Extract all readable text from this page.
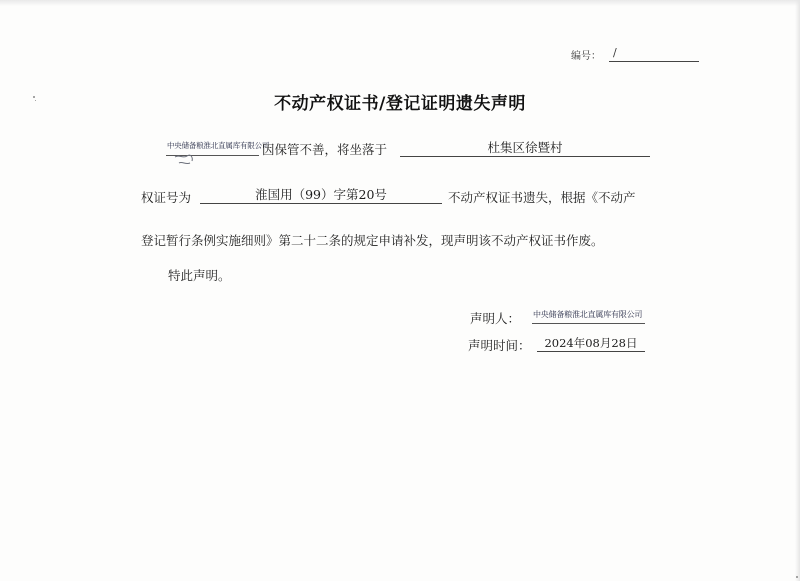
编号：	/
不动产权证书/登记证明遗失声明
中央储备粮淮北直属库有限公司
因保管不善，将坐落于	杜集区徐暨村
权证号为	淮国用（99）字第20号	不动产权证书遗失，根据《不动产
登记暂行条例实施细则》第二十二条的规定申请补发，现声明该不动产权证书作废。
特此声明。
声明人： 中央储备粮淮北直属库有限公司
声明时间：	2024年08月28日
